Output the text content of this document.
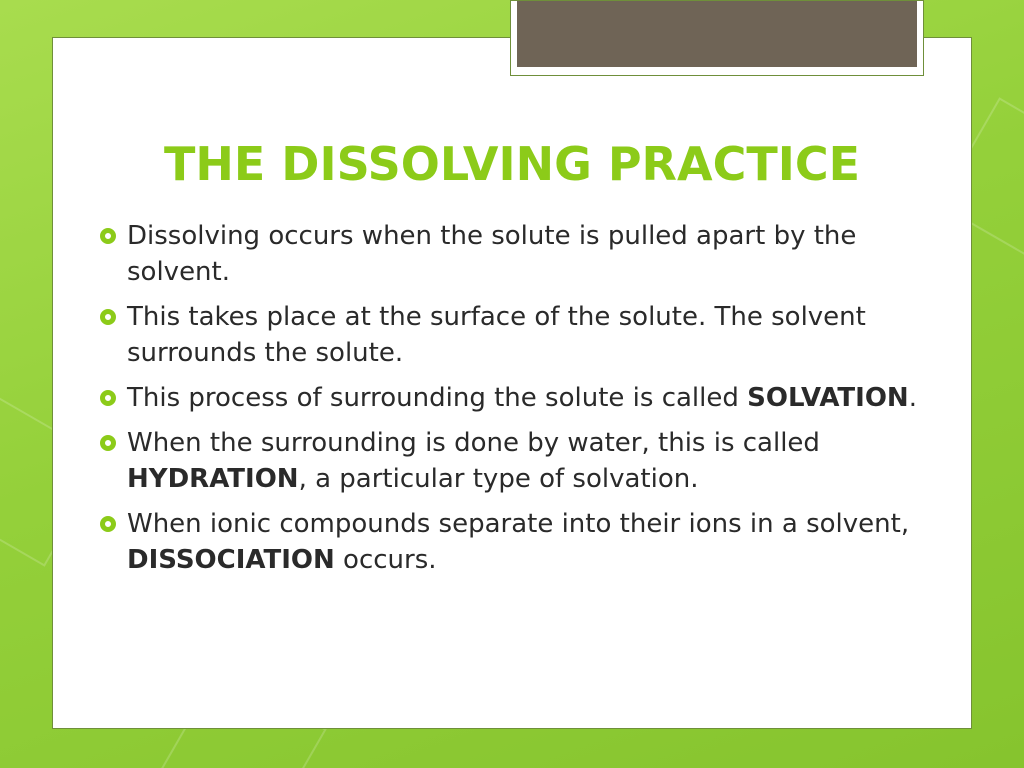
THE DISSOLVING PRACTICE
Dissolving occurs when the solute is pulled apart by the solvent.
This takes place at the surface of the solute. The solvent surrounds the solute.
This process of surrounding the solute is called SOLVATION.
When the surrounding is done by water, this is called HYDRATION, a particular type of solvation.
When ionic compounds separate into their ions in a solvent, DISSOCIATION occurs.
